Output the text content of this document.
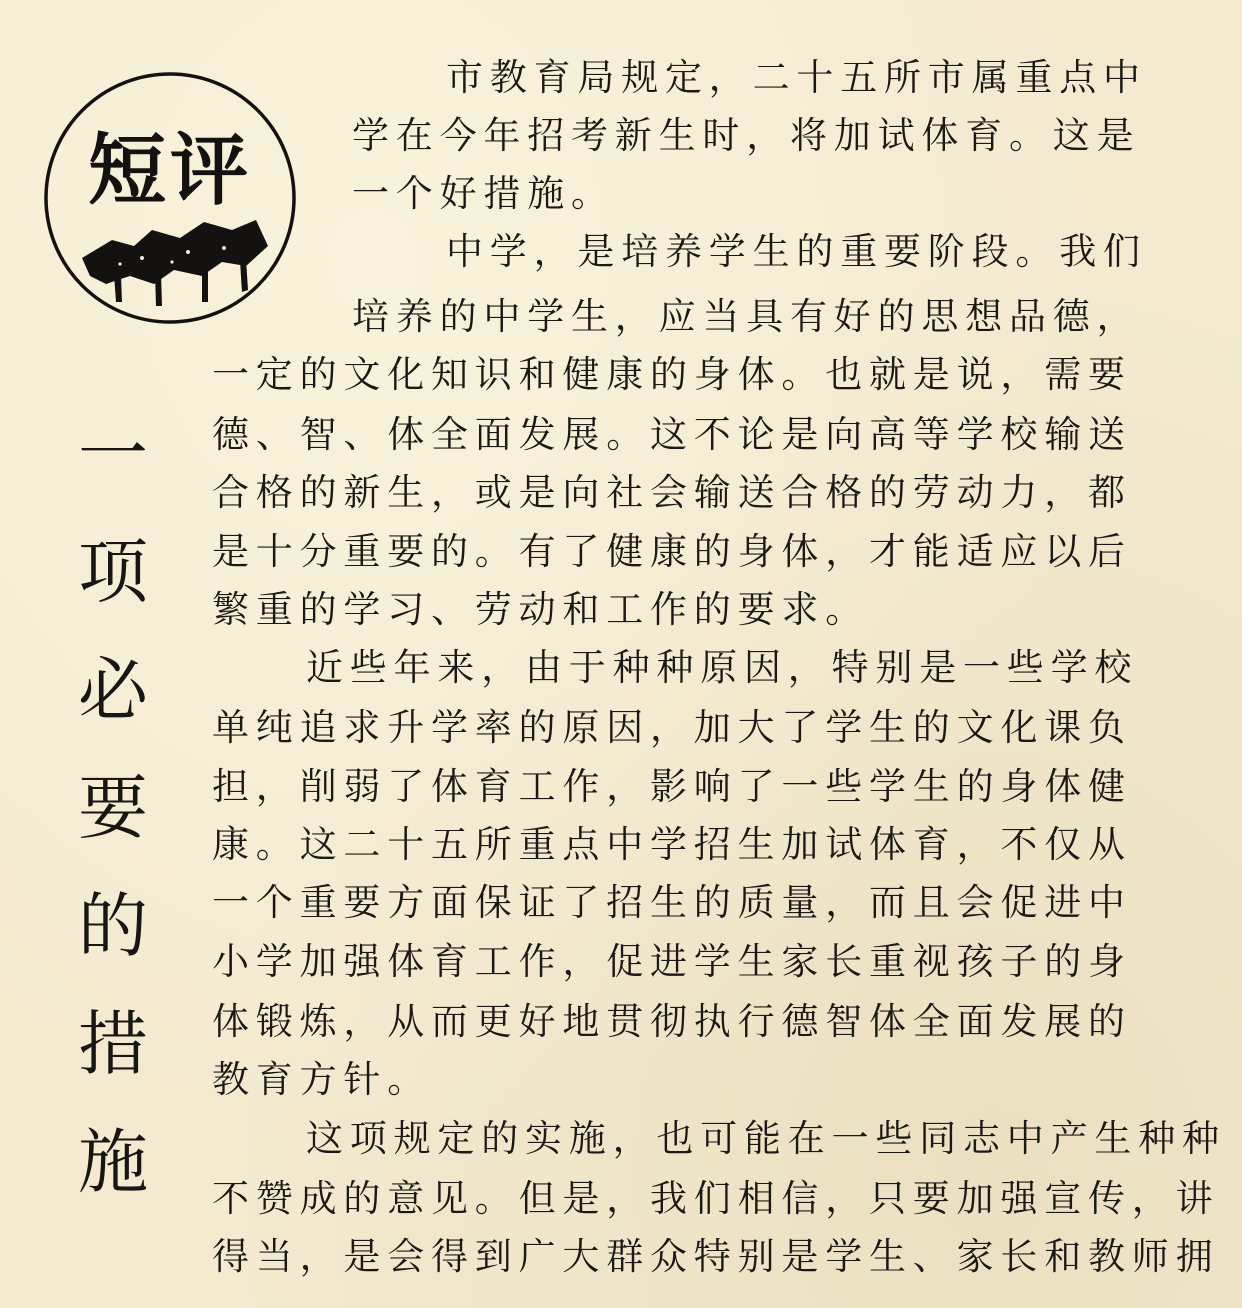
短评
一
项
必
要
的
措
施
市教育局规定，二十五所市属重点中
学在今年招考新生时，将加试体育。这是
一个好措施。
中学，是培养学生的重要阶段。我们
培养的中学生，应当具有好的思想品德，
一定的文化知识和健康的身体。也就是说，需要
德、智、体全面发展。这不论是向高等学校输送
合格的新生，或是向社会输送合格的劳动力，都
是十分重要的。有了健康的身体，才能适应以后
繁重的学习、劳动和工作的要求。
近些年来，由于种种原因，特别是一些学校
单纯追求升学率的原因，加大了学生的文化课负
担，削弱了体育工作，影响了一些学生的身体健
康。这二十五所重点中学招生加试体育，不仅从
一个重要方面保证了招生的质量，而且会促进中
小学加强体育工作，促进学生家长重视孩子的身
体锻炼，从而更好地贯彻执行德智体全面发展的
教育方针。
这项规定的实施，也可能在一些同志中产生种种
不赞成的意见。但是，我们相信，只要加强宣传，讲
得当，是会得到广大群众特别是学生、家长和教师拥
